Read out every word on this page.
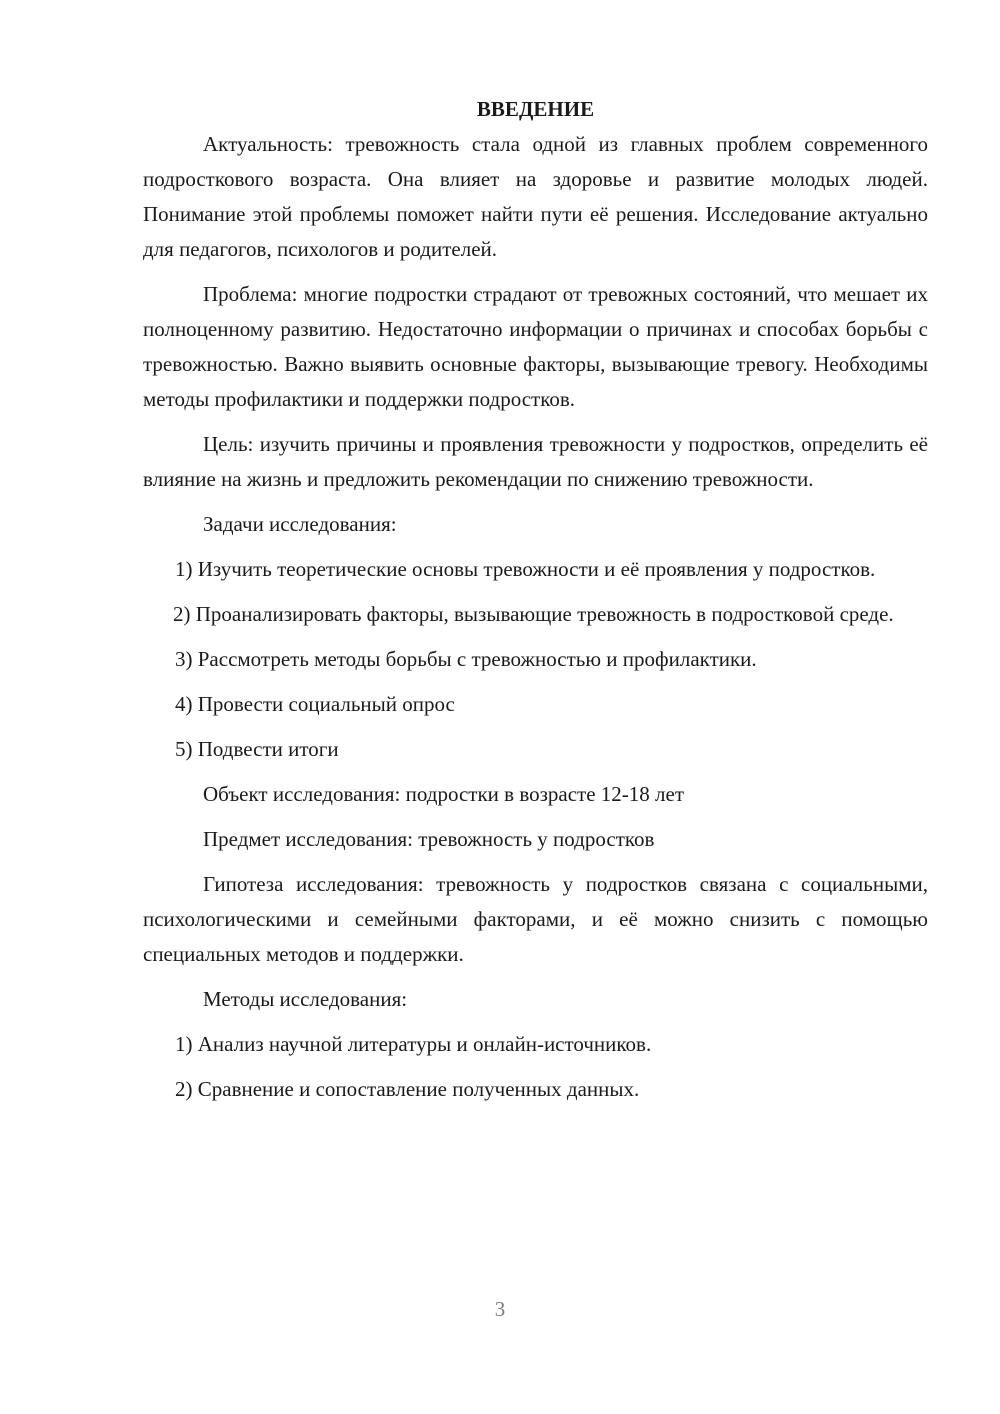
ВВЕДЕНИЕ

Актуальность: тревожность стала одной из главных проблем современного подросткового возраста. Она влияет на здоровье и развитие молодых людей. Понимание этой проблемы поможет найти пути её решения. Исследование актуально для педагогов, психологов и родителей.

Проблема: многие подростки страдают от тревожных состояний, что мешает их полноценному развитию. Недостаточно информации о причинах и способах борьбы с тревожностью. Важно выявить основные факторы, вызывающие тревогу. Необходимы методы профилактики и поддержки подростков.

Цель: изучить причины и проявления тревожности у подростков, определить её влияние на жизнь и предложить рекомендации по снижению тревожности.

Задачи исследования:

1) Изучить теоретические основы тревожности и её проявления у подростков.

2) Проанализировать факторы, вызывающие тревожность в подростковой среде.

3) Рассмотреть методы борьбы с тревожностью и профилактики.

4) Провести социальный опрос

5) Подвести итоги

Объект исследования: подростки в возрасте 12-18 лет

Предмет исследования: тревожность у подростков

Гипотеза исследования: тревожность у подростков связана с социальными, психологическими и семейными факторами, и её можно снизить с помощью специальных методов и поддержки.

Методы исследования:

1) Анализ научной литературы и онлайн-источников.

2) Сравнение и сопоставление полученных данных.

3
